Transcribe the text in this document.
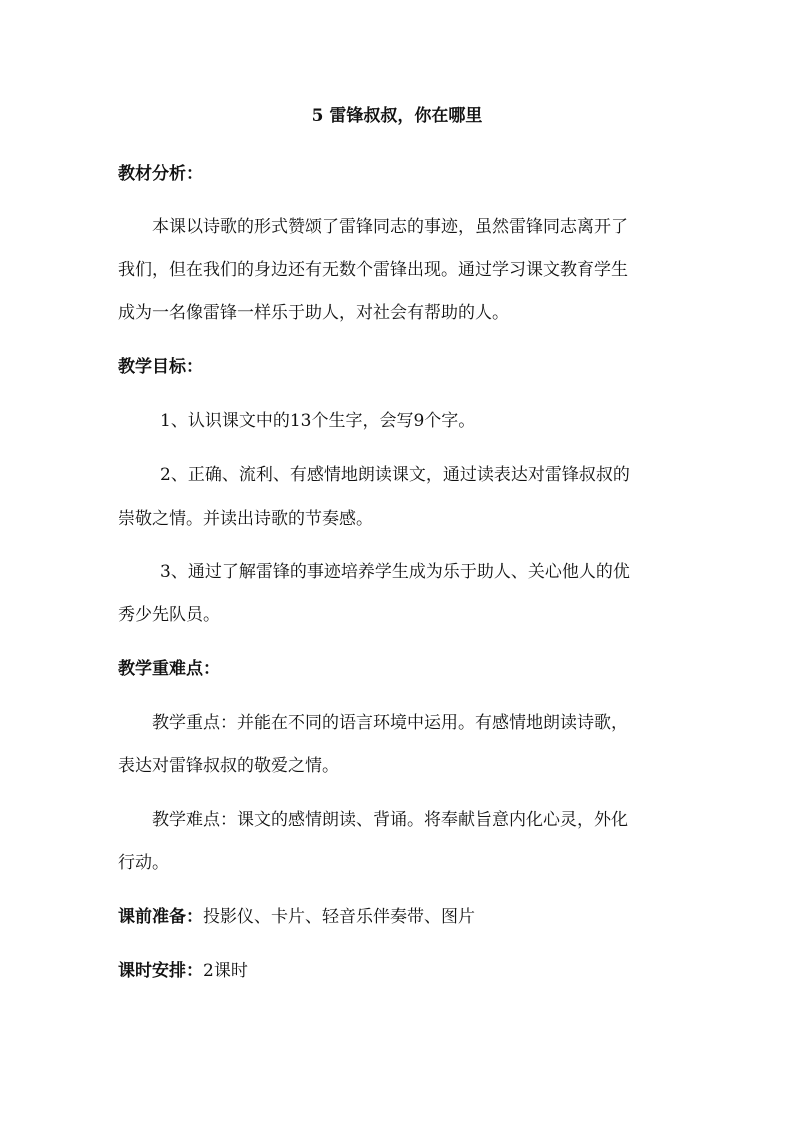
5 雷锋叔叔，你在哪里
教材分析：
本课以诗歌的形式赞颂了雷锋同志的事迹，虽然雷锋同志离开了
我们，但在我们的身边还有无数个雷锋出现。通过学习课文教育学生
成为一名像雷锋一样乐于助人，对社会有帮助的人。
教学目标：
1、认识课文中的13个生字，会写9个字。
2、正确、流利、有感情地朗读课文，通过读表达对雷锋叔叔的
崇敬之情。并读出诗歌的节奏感。
3、通过了解雷锋的事迹培养学生成为乐于助人、关心他人的优
秀少先队员。
教学重难点：
教学重点：并能在不同的语言环境中运用。有感情地朗读诗歌，
表达对雷锋叔叔的敬爱之情。
教学难点：课文的感情朗读、背诵。将奉献旨意内化心灵，外化
行动。
课前准备：投影仪、卡片、轻音乐伴奏带、图片
课时安排：2课时
